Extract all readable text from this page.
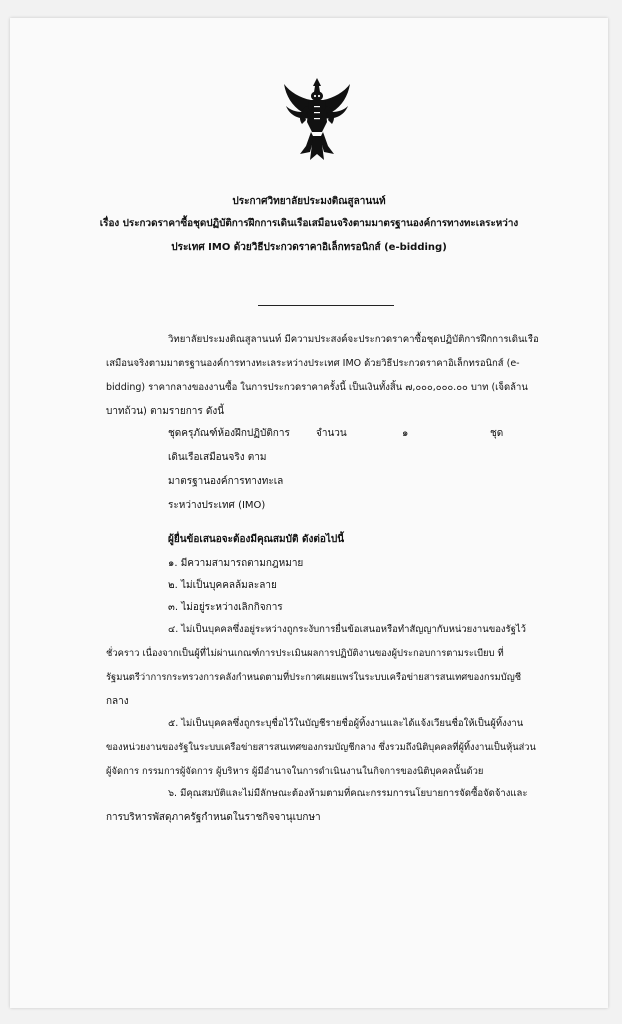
ประกาศวิทยาลัยประมงติณสูลานนท์
เรื่อง ประกวดราคาซื้อชุดปฏิบัติการฝึกการเดินเรือเสมือนจริงตามมาตรฐานองค์การทางทะเลระหว่าง
ประเทศ IMO ด้วยวิธีประกวดราคาอิเล็กทรอนิกส์ (e-bidding)
วิทยาลัยประมงติณสูลานนท์ มีความประสงค์จะประกวดราคาซื้อชุดปฏิบัติการฝึกการเดินเรือ
เสมือนจริงตามมาตรฐานองค์การทางทะเลระหว่างประเทศ IMO ด้วยวิธีประกวดราคาอิเล็กทรอนิกส์ (e-
bidding) ราคากลางของงานซื้อ ในการประกวดราคาครั้งนี้ เป็นเงินทั้งสิ้น ๗,๐๐๐,๐๐๐.๐๐ บาท (เจ็ดล้าน
บาทถ้วน) ตามรายการ ดังนี้
ชุดครุภัณฑ์ห้องฝึกปฏิบัติการ
เดินเรือเสมือนจริง ตาม
มาตรฐานองค์การทางทะเล
ระหว่างประเทศ (IMO)
จำนวน	๑	ชุด
ผู้ยื่นข้อเสนอจะต้องมีคุณสมบัติ ดังต่อไปนี้
๑. มีความสามารถตามกฎหมาย
๒. ไม่เป็นบุคคลล้มละลาย
๓. ไม่อยู่ระหว่างเลิกกิจการ
๔. ไม่เป็นบุคคลซึ่งอยู่ระหว่างถูกระงับการยื่นข้อเสนอหรือทำสัญญากับหน่วยงานของรัฐไว้
ชั่วคราว เนื่องจากเป็นผู้ที่ไม่ผ่านเกณฑ์การประเมินผลการปฏิบัติงานของผู้ประกอบการตามระเบียบ ที่
รัฐมนตรีว่าการกระทรวงการคลังกำหนดตามที่ประกาศเผยแพร่ในระบบเครือข่ายสารสนเทศของกรมบัญชี
กลาง
๕. ไม่เป็นบุคคลซึ่งถูกระบุชื่อไว้ในบัญชีรายชื่อผู้ทิ้งงานและได้แจ้งเวียนชื่อให้เป็นผู้ทิ้งงาน
ของหน่วยงานของรัฐในระบบเครือข่ายสารสนเทศของกรมบัญชีกลาง ซึ่งรวมถึงนิติบุคคลที่ผู้ทิ้งงานเป็นหุ้นส่วน
ผู้จัดการ กรรมการผู้จัดการ ผู้บริหาร ผู้มีอำนาจในการดำเนินงานในกิจการของนิติบุคคลนั้นด้วย
๖. มีคุณสมบัติและไม่มีลักษณะต้องห้ามตามที่คณะกรรมการนโยบายการจัดซื้อจัดจ้างและ
การบริหารพัสดุภาครัฐกำหนดในราชกิจจานุเบกษา
